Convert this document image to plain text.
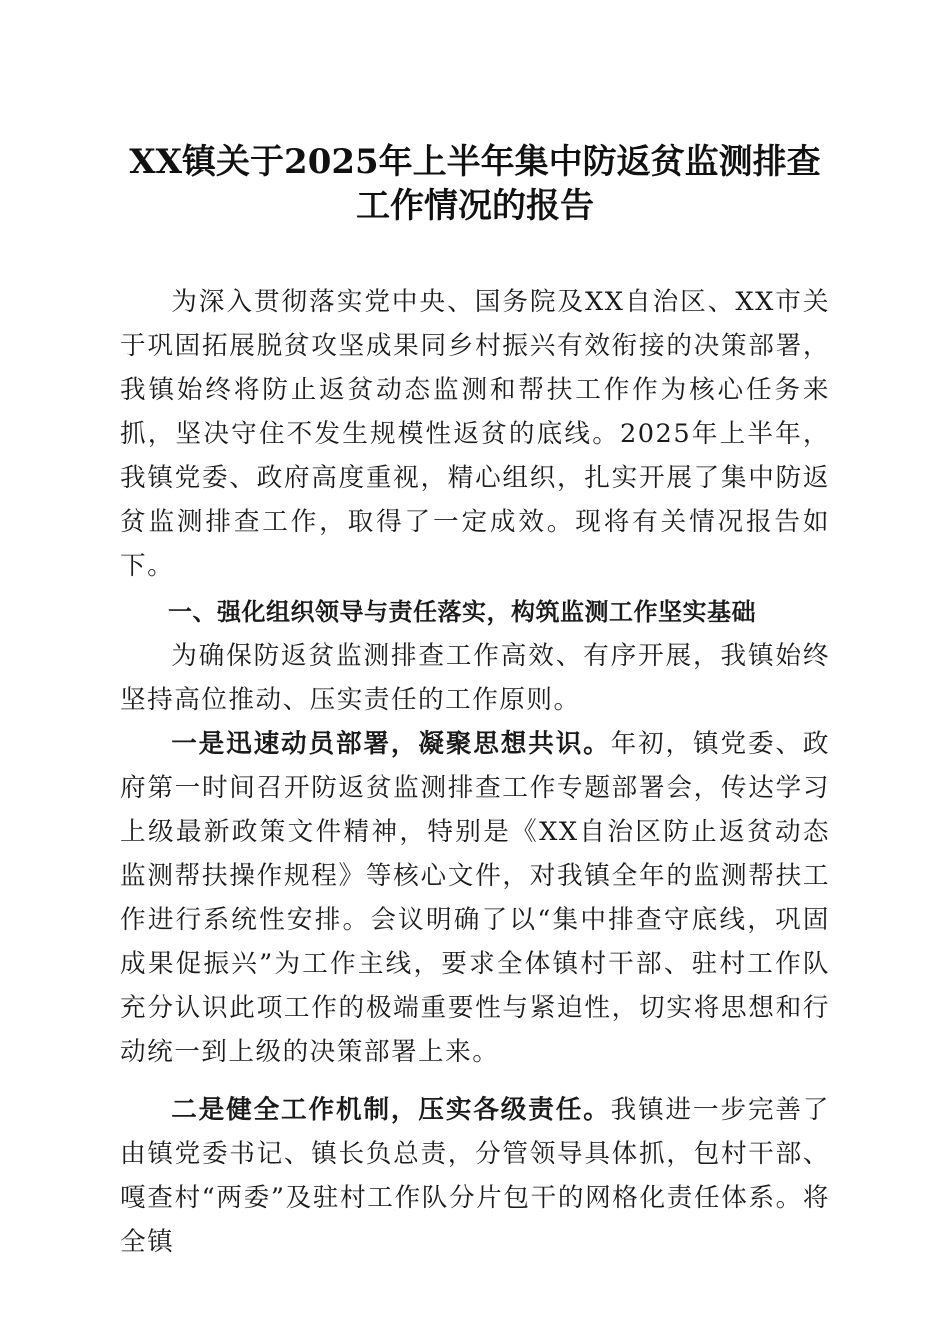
XX镇关于2025年上半年集中防返贫监测排查
工作情况的报告

为深入贯彻落实党中央、国务院及XX自治区、XX市关于巩固拓展脱贫攻坚成果同乡村振兴有效衔接的决策部署，我镇始终将防止返贫动态监测和帮扶工作作为核心任务来抓，坚决守住不发生规模性返贫的底线。2025年上半年，我镇党委、政府高度重视，精心组织，扎实开展了集中防返贫监测排查工作，取得了一定成效。现将有关情况报告如下。

一、强化组织领导与责任落实，构筑监测工作坚实基础

为确保防返贫监测排查工作高效、有序开展，我镇始终坚持高位推动、压实责任的工作原则。

一是迅速动员部署，凝聚思想共识。年初，镇党委、政府第一时间召开防返贫监测排查工作专题部署会，传达学习上级最新政策文件精神，特别是《XX自治区防止返贫动态监测帮扶操作规程》等核心文件，对我镇全年的监测帮扶工作进行系统性安排。会议明确了以“集中排查守底线，巩固成果促振兴”为工作主线，要求全体镇村干部、驻村工作队充分认识此项工作的极端重要性与紧迫性，切实将思想和行动统一到上级的决策部署上来。

二是健全工作机制，压实各级责任。我镇进一步完善了由镇党委书记、镇长负总责，分管领导具体抓，包村干部、嘎查村“两委”及驻村工作队分片包干的网格化责任体系。将全镇
